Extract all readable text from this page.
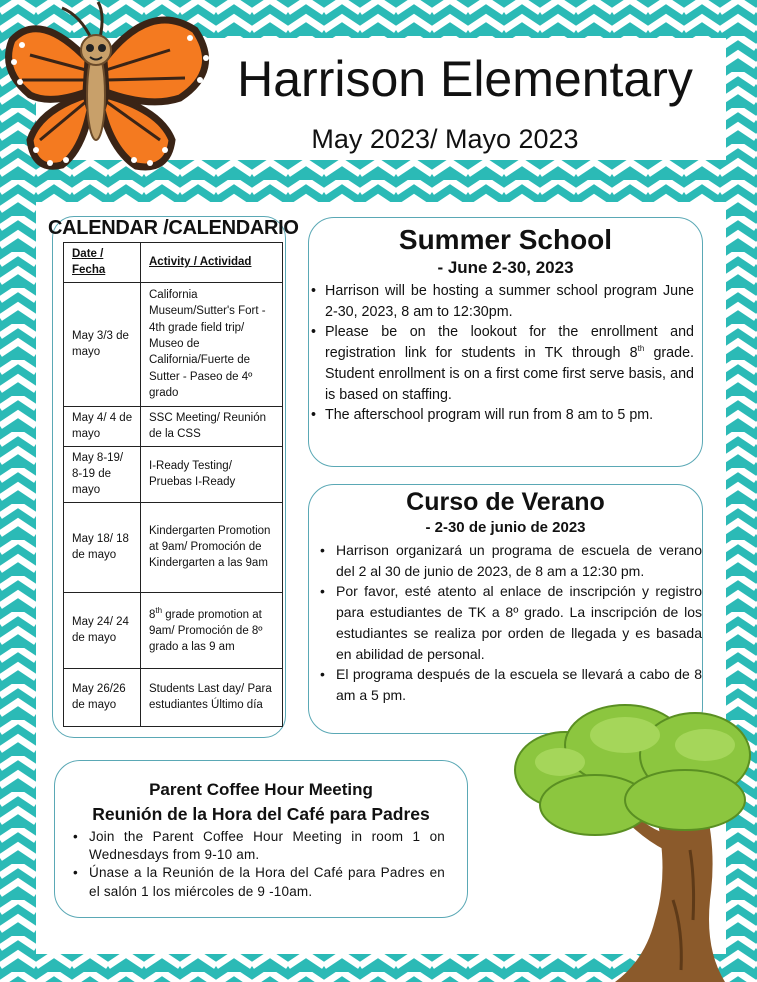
Harrison Elementary
May 2023/ Mayo 2023
CALENDAR /CALENDARIO
Date / Fecha	Activity / Actividad
May 3/3 de mayo	California Museum/Sutter's Fort - 4th grade field trip/ Museo de California/Fuerte de Sutter - Paseo de 4º grado
May 4/ 4 de mayo	SSC Meeting/ Reunión de la CSS
May 8-19/ 8-19 de mayo	I-Ready Testing/ Pruebas I-Ready
May 18/ 18 de mayo	Kindergarten Promotion at 9am/ Promoción de Kindergarten a las 9am
May 24/ 24 de mayo	8th grade promotion at 9am/ Promoción de 8º grado a las 9 am
May 26/26 de mayo	Students Last day/ Para estudiantes Último día
Summer School
- June 2-30, 2023
• Harrison will be hosting a summer school program June 2-30, 2023, 8 am to 12:30pm.
• Please be on the lookout for the enrollment and registration link for students in TK through 8th grade. Student enrollment is on a first come first serve basis, and is based on staffing.
• The afterschool program will run from 8 am to 5 pm.
Curso de Verano
- 2-30 de junio de 2023
• Harrison organizará un programa de escuela de verano del 2 al 30 de junio de 2023, de 8 am a 12:30 pm.
• Por favor, esté atento al enlace de inscripción y registro para estudiantes de TK a 8º grado. La inscripción de los estudiantes se realiza por orden de llegada y es basada en abilidad de personal.
• El programa después de la escuela se llevará a cabo de 8 am a 5 pm.
Parent Coffee Hour Meeting
Reunión de la Hora del Café para Padres
• Join the Parent Coffee Hour Meeting in room 1 on Wednesdays from 9-10 am.
• Únase a la Reunión de la Hora del Café para Padres en el salón 1 los miércoles de 9 -10am.
